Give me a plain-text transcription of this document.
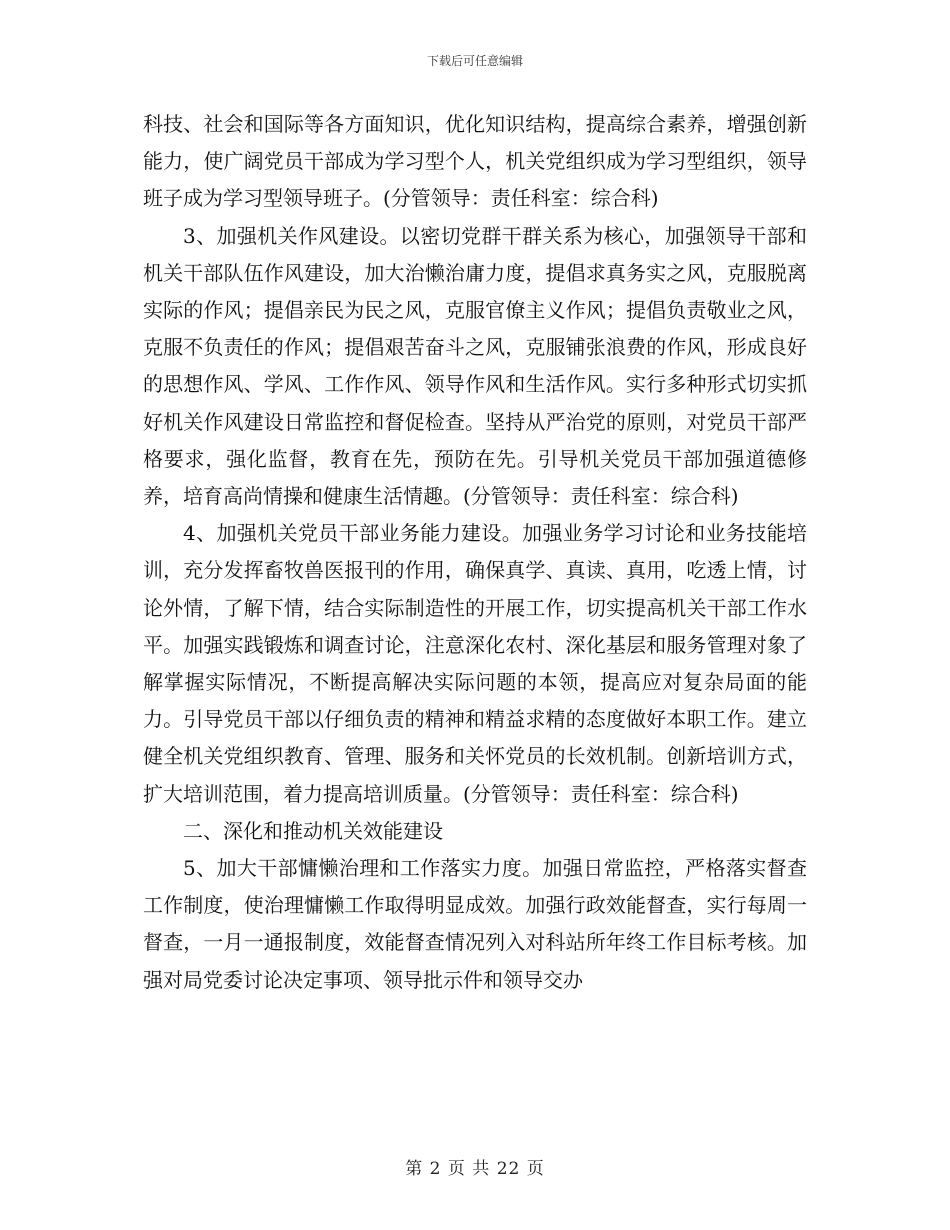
下载后可任意编辑

科技、社会和国际等各方面知识，优化知识结构，提高综合素养，增强创新能力，使广阔党员干部成为学习型个人，机关党组织成为学习型组织，领导班子成为学习型领导班子。(分管领导：责任科室：综合科)

3、加强机关作风建设。以密切党群干群关系为核心，加强领导干部和机关干部队伍作风建设，加大治懒治庸力度，提倡求真务实之风，克服脱离实际的作风；提倡亲民为民之风，克服官僚主义作风；提倡负责敬业之风，克服不负责任的作风；提倡艰苦奋斗之风，克服铺张浪费的作风，形成良好的思想作风、学风、工作作风、领导作风和生活作风。实行多种形式切实抓好机关作风建设日常监控和督促检查。坚持从严治党的原则，对党员干部严格要求，强化监督，教育在先，预防在先。引导机关党员干部加强道德修养，培育高尚情操和健康生活情趣。(分管领导：责任科室：综合科)

4、加强机关党员干部业务能力建设。加强业务学习讨论和业务技能培训，充分发挥畜牧兽医报刊的作用，确保真学、真读、真用，吃透上情，讨论外情，了解下情，结合实际制造性的开展工作，切实提高机关干部工作水平。加强实践锻炼和调查讨论，注意深化农村、深化基层和服务管理对象了解掌握实际情况，不断提高解决实际问题的本领，提高应对复杂局面的能力。引导党员干部以仔细负责的精神和精益求精的态度做好本职工作。建立健全机关党组织教育、管理、服务和关怀党员的长效机制。创新培训方式，扩大培训范围，着力提高培训质量。(分管领导：责任科室：综合科)

二、深化和推动机关效能建设

5、加大干部慵懒治理和工作落实力度。加强日常监控，严格落实督查工作制度，使治理慵懒工作取得明显成效。加强行政效能督查，实行每周一督查，一月一通报制度，效能督查情况列入对科站所年终工作目标考核。加强对局党委讨论决定事项、领导批示件和领导交办

第 2 页 共 22 页
